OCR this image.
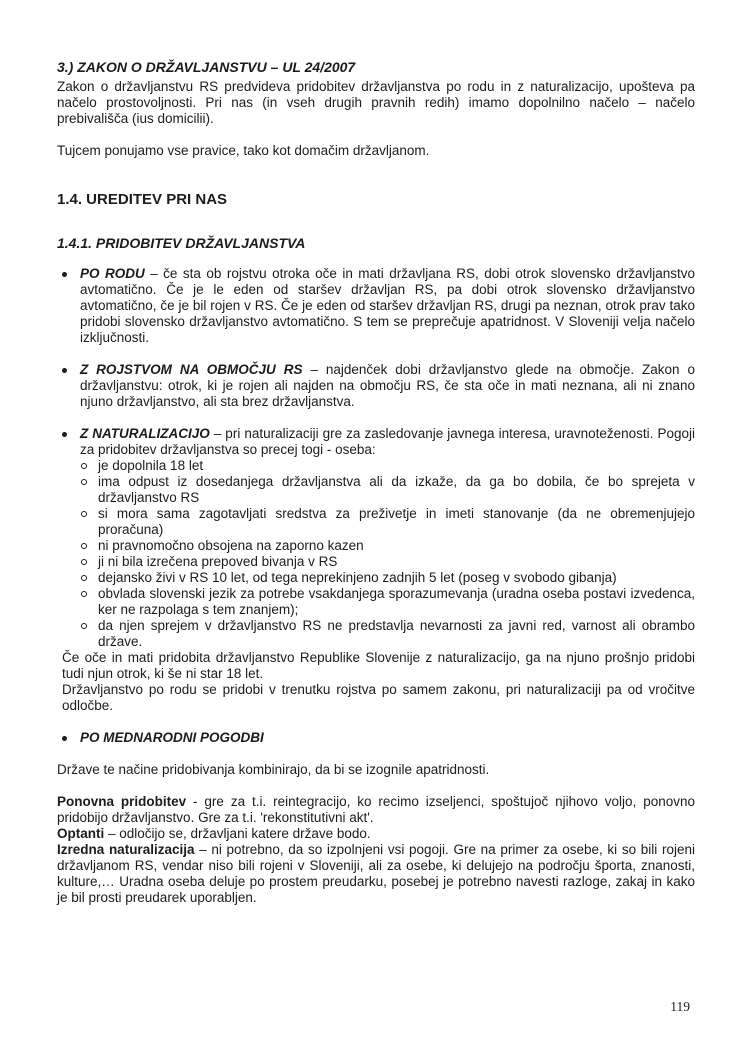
3.) ZAKON O DRŽAVLJANSTVU – UL 24/2007

Zakon o državljanstvu RS predvideva pridobitev državljanstva po rodu in z naturalizacijo, upošteva pa načelo prostovoljnosti. Pri nas (in vseh drugih pravnih redih) imamo dopolnilno načelo – načelo prebivališča (ius domicilii).

Tujcem ponujamo vse pravice, tako kot domačim državljanom.

1.4. UREDITEV PRI NAS
1.4.1. PRIDOBITEV DRŽAVLJANSTVA
PO RODU – če sta ob rojstvu otroka oče in mati državljana RS, dobi otrok slovensko državljanstvo avtomatično. Če je le eden od staršev državljan RS, pa dobi otrok slovensko državljanstvo avtomatično, če je bil rojen v RS. Če je eden od staršev državljan RS, drugi pa neznan, otrok prav tako pridobi slovensko državljanstvo avtomatično. S tem se preprečuje apatridnost. V Sloveniji velja načelo izključnosti.
Z ROJSTVOM NA OBMOČJU RS – najdenček dobi državljanstvo glede na območje. Zakon o državljanstvu: otrok, ki je rojen ali najden na območju RS, če sta oče in mati neznana, ali ni znano njuno državljanstvo, ali sta brez državljanstva.
Z NATURALIZACIJO – pri naturalizaciji gre za zasledovanje javnega interesa, uravnoteženosti. Pogoji za pridobitev državljanstva so precej togi - oseba:
je dopolnila 18 let
ima odpust iz dosedanjega državljanstva ali da izkaže, da ga bo dobila, če bo sprejeta v državljanstvo RS
si mora sama zagotavljati sredstva za preživetje in imeti stanovanje (da ne obremenjujejo proračuna)
ni pravnomočno obsojena na zaporno kazen
ji ni bila izrečena prepoved bivanja v RS
dejansko živi v RS 10 let, od tega neprekinjeno zadnjih 5 let (poseg v svobodo gibanja)
obvlada slovenski jezik za potrebe vsakdanjega sporazumevanja (uradna oseba postavi izvedenca, ker ne razpolaga s tem znanjem);
da njen sprejem v državljanstvo RS ne predstavlja nevarnosti za javni red, varnost ali obrambo države.

Če oče in mati pridobita državljanstvo Republike Slovenije z naturalizacijo, ga na njuno prošnjo pridobi tudi njun otrok, ki še ni star 18 let.

Državljanstvo po rodu se pridobi v trenutku rojstva po samem zakonu, pri naturalizaciji pa od vročitve odločbe.

PO MEDNARODNI POGODBI

Države te načine pridobivanja kombinirajo, da bi se izognile apatridnosti.

Ponovna pridobitev - gre za t.i. reintegracijo, ko recimo izseljenci, spoštujoč njihovo voljo, ponovno pridobijo državljanstvo. Gre za t.i. 'rekonstitutivni akt'.

Optanti – odločijo se, državljani katere države bodo.

Izredna naturalizacija – ni potrebno, da so izpolnjeni vsi pogoji. Gre na primer za osebe, ki so bili rojeni državljanom RS, vendar niso bili rojeni v Sloveniji, ali za osebe, ki delujejo na področju športa, znanosti, kulture,… Uradna oseba deluje po prostem preudarku, posebej je potrebno navesti razloge, zakaj in kako je bil prosti preudarek uporabljen.

119
